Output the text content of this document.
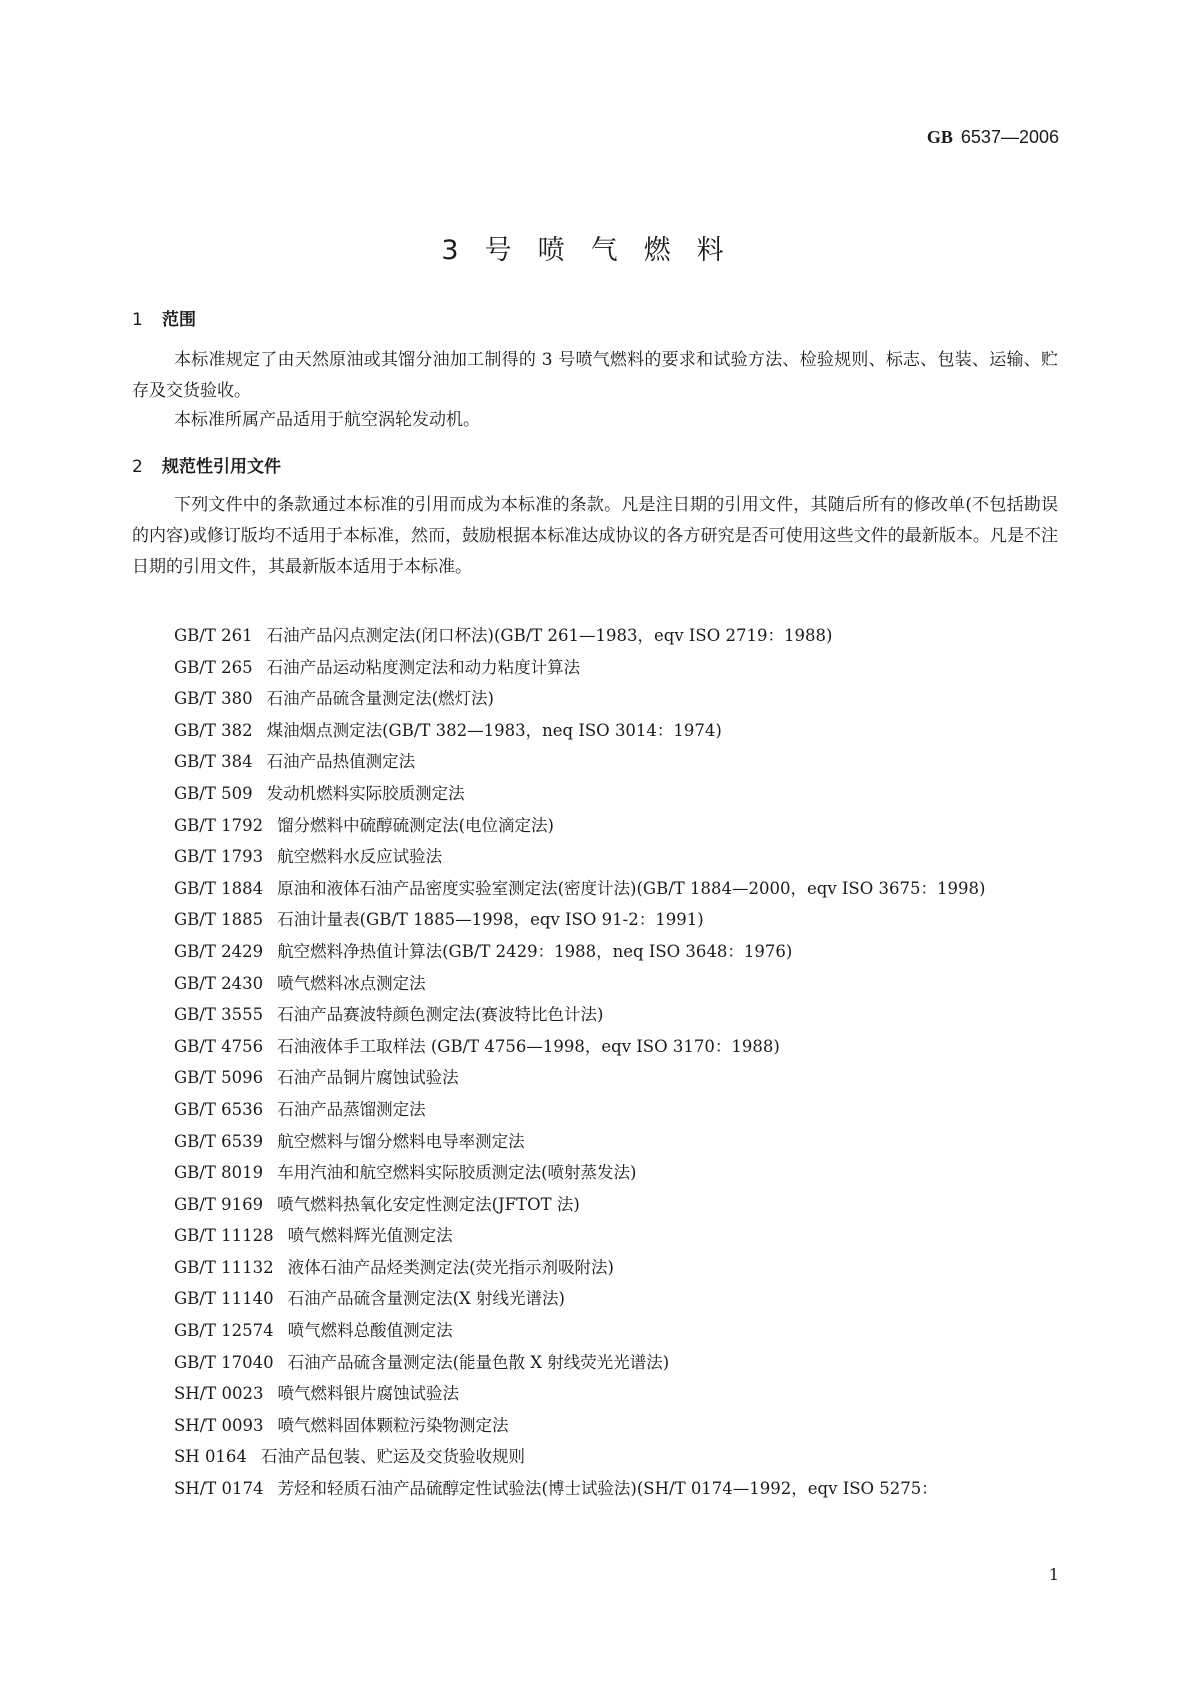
GB 6537—2006
3号喷气燃料
1 范围
本标准规定了由天然原油或其馏分油加工制得的 3 号喷气燃料的要求和试验方法、检验规则、标志、包装、运输、贮存及交货验收。
本标准所属产品适用于航空涡轮发动机。
2 规范性引用文件
下列文件中的条款通过本标准的引用而成为本标准的条款。凡是注日期的引用文件，其随后所有的修改单(不包括勘误的内容)或修订版均不适用于本标准，然而，鼓励根据本标准达成协议的各方研究是否可使用这些文件的最新版本。凡是不注日期的引用文件，其最新版本适用于本标准。
GB/T 261 石油产品闪点测定法(闭口杯法)(GB/T 261—1983，eqv ISO 2719：1988)
GB/T 265 石油产品运动粘度测定法和动力粘度计算法
GB/T 380 石油产品硫含量测定法(燃灯法)
GB/T 382 煤油烟点测定法(GB/T 382—1983，neq ISO 3014：1974)
GB/T 384 石油产品热值测定法
GB/T 509 发动机燃料实际胶质测定法
GB/T 1792 馏分燃料中硫醇硫测定法(电位滴定法)
GB/T 1793 航空燃料水反应试验法
GB/T 1884 原油和液体石油产品密度实验室测定法(密度计法)(GB/T 1884—2000，eqv ISO 3675：1998)
GB/T 1885 石油计量表(GB/T 1885—1998，eqv ISO 91-2：1991)
GB/T 2429 航空燃料净热值计算法(GB/T 2429：1988，neq ISO 3648：1976)
GB/T 2430 喷气燃料冰点测定法
GB/T 3555 石油产品赛波特颜色测定法(赛波特比色计法)
GB/T 4756 石油液体手工取样法 (GB/T 4756—1998，eqv ISO 3170：1988)
GB/T 5096 石油产品铜片腐蚀试验法
GB/T 6536 石油产品蒸馏测定法
GB/T 6539 航空燃料与馏分燃料电导率测定法
GB/T 8019 车用汽油和航空燃料实际胶质测定法(喷射蒸发法)
GB/T 9169 喷气燃料热氧化安定性测定法(JFTOT 法)
GB/T 11128 喷气燃料辉光值测定法
GB/T 11132 液体石油产品烃类测定法(荧光指示剂吸附法)
GB/T 11140 石油产品硫含量测定法(X 射线光谱法)
GB/T 12574 喷气燃料总酸值测定法
GB/T 17040 石油产品硫含量测定法(能量色散 X 射线荧光光谱法)
SH/T 0023 喷气燃料银片腐蚀试验法
SH/T 0093 喷气燃料固体颗粒污染物测定法
SH 0164 石油产品包装、贮运及交货验收规则
SH/T 0174 芳烃和轻质石油产品硫醇定性试验法(博士试验法)(SH/T 0174—1992，eqv ISO 5275：
1
